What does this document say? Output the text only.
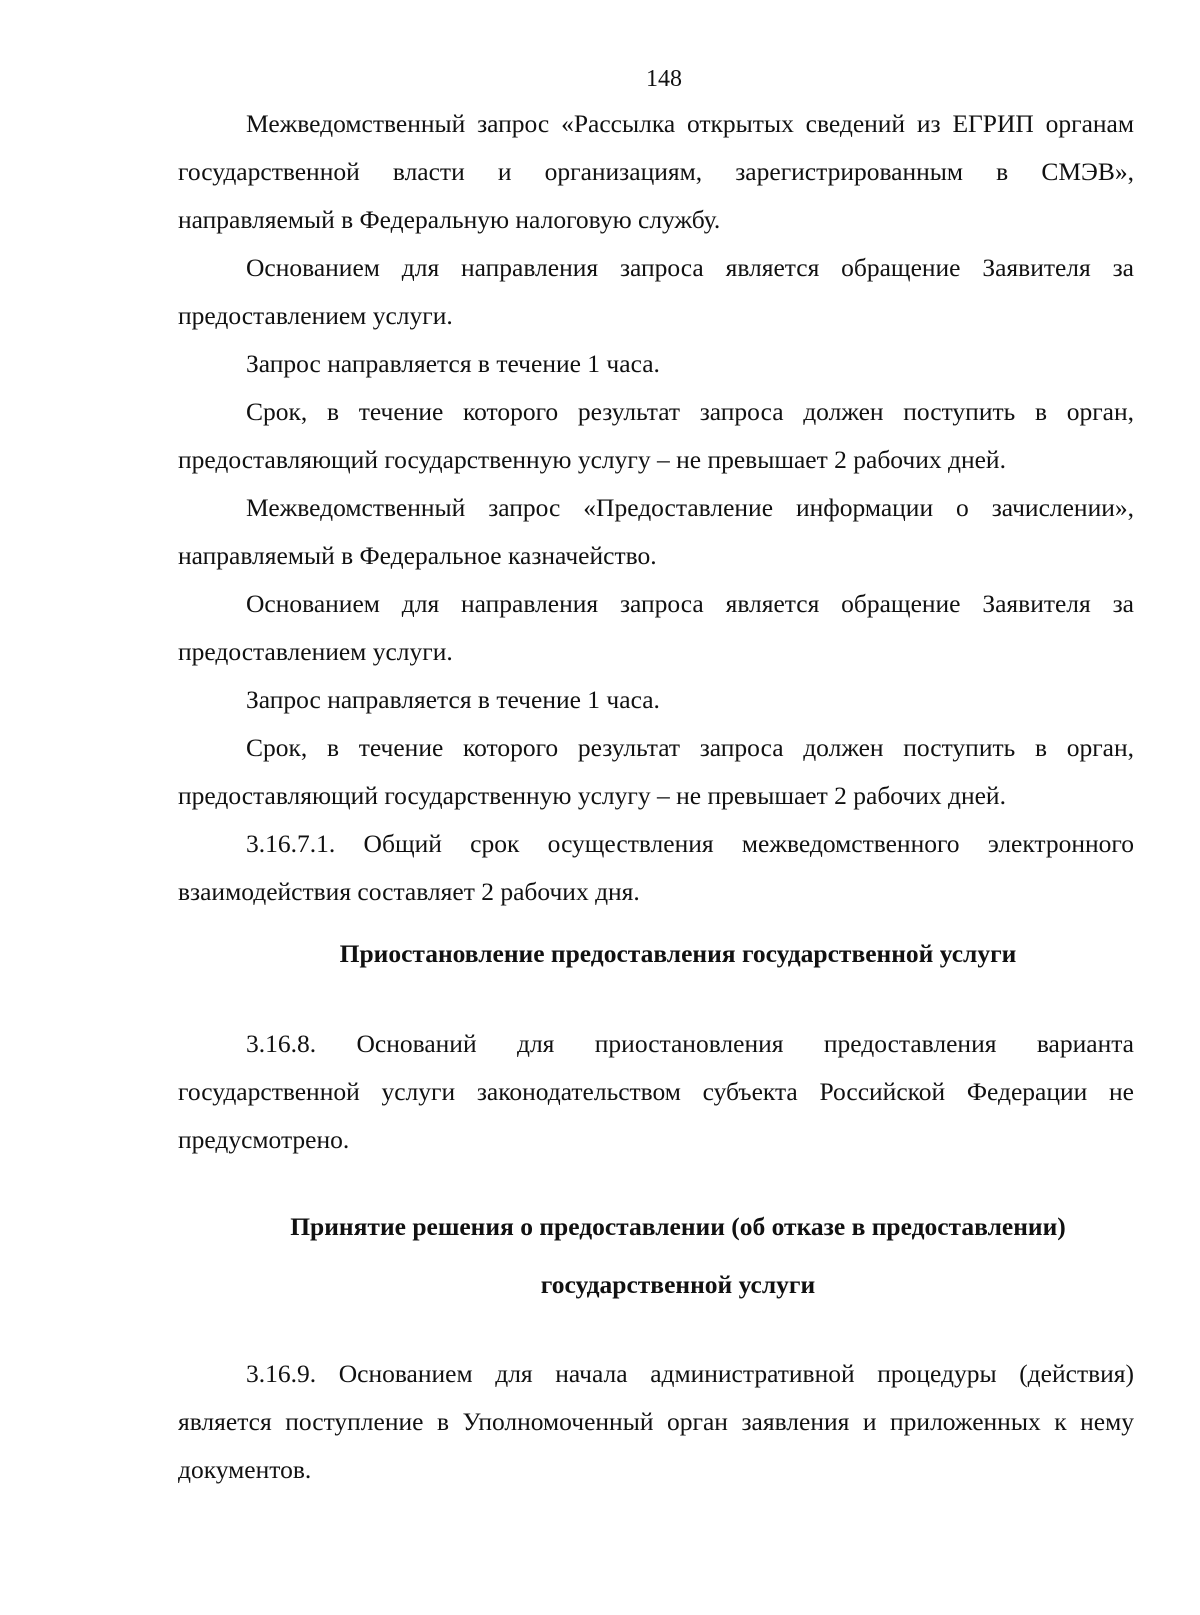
148

Межведомственный запрос «Рассылка открытых сведений из ЕГРИП органам государственной власти и организациям, зарегистрированным в СМЭВ», направляемый в Федеральную налоговую службу.

Основанием для направления запроса является обращение Заявителя за предоставлением услуги.

Запрос направляется в течение 1 часа.

Срок, в течение которого результат запроса должен поступить в орган, предоставляющий государственную услугу – не превышает 2 рабочих дней.

Межведомственный запрос «Предоставление информации о зачислении», направляемый в Федеральное казначейство.

Основанием для направления запроса является обращение Заявителя за предоставлением услуги.

Запрос направляется в течение 1 часа.

Срок, в течение которого результат запроса должен поступить в орган, предоставляющий государственную услугу – не превышает 2 рабочих дней.

3.16.7.1. Общий срок осуществления межведомственного электронного взаимодействия составляет 2 рабочих дня.

Приостановление предоставления государственной услуги

3.16.8. Оснований для приостановления предоставления варианта государственной услуги законодательством субъекта Российской Федерации не предусмотрено.

Принятие решения о предоставлении (об отказе в предоставлении)
государственной услуги

3.16.9. Основанием для начала административной процедуры (действия) является поступление в Уполномоченный орган заявления и приложенных к нему документов.
